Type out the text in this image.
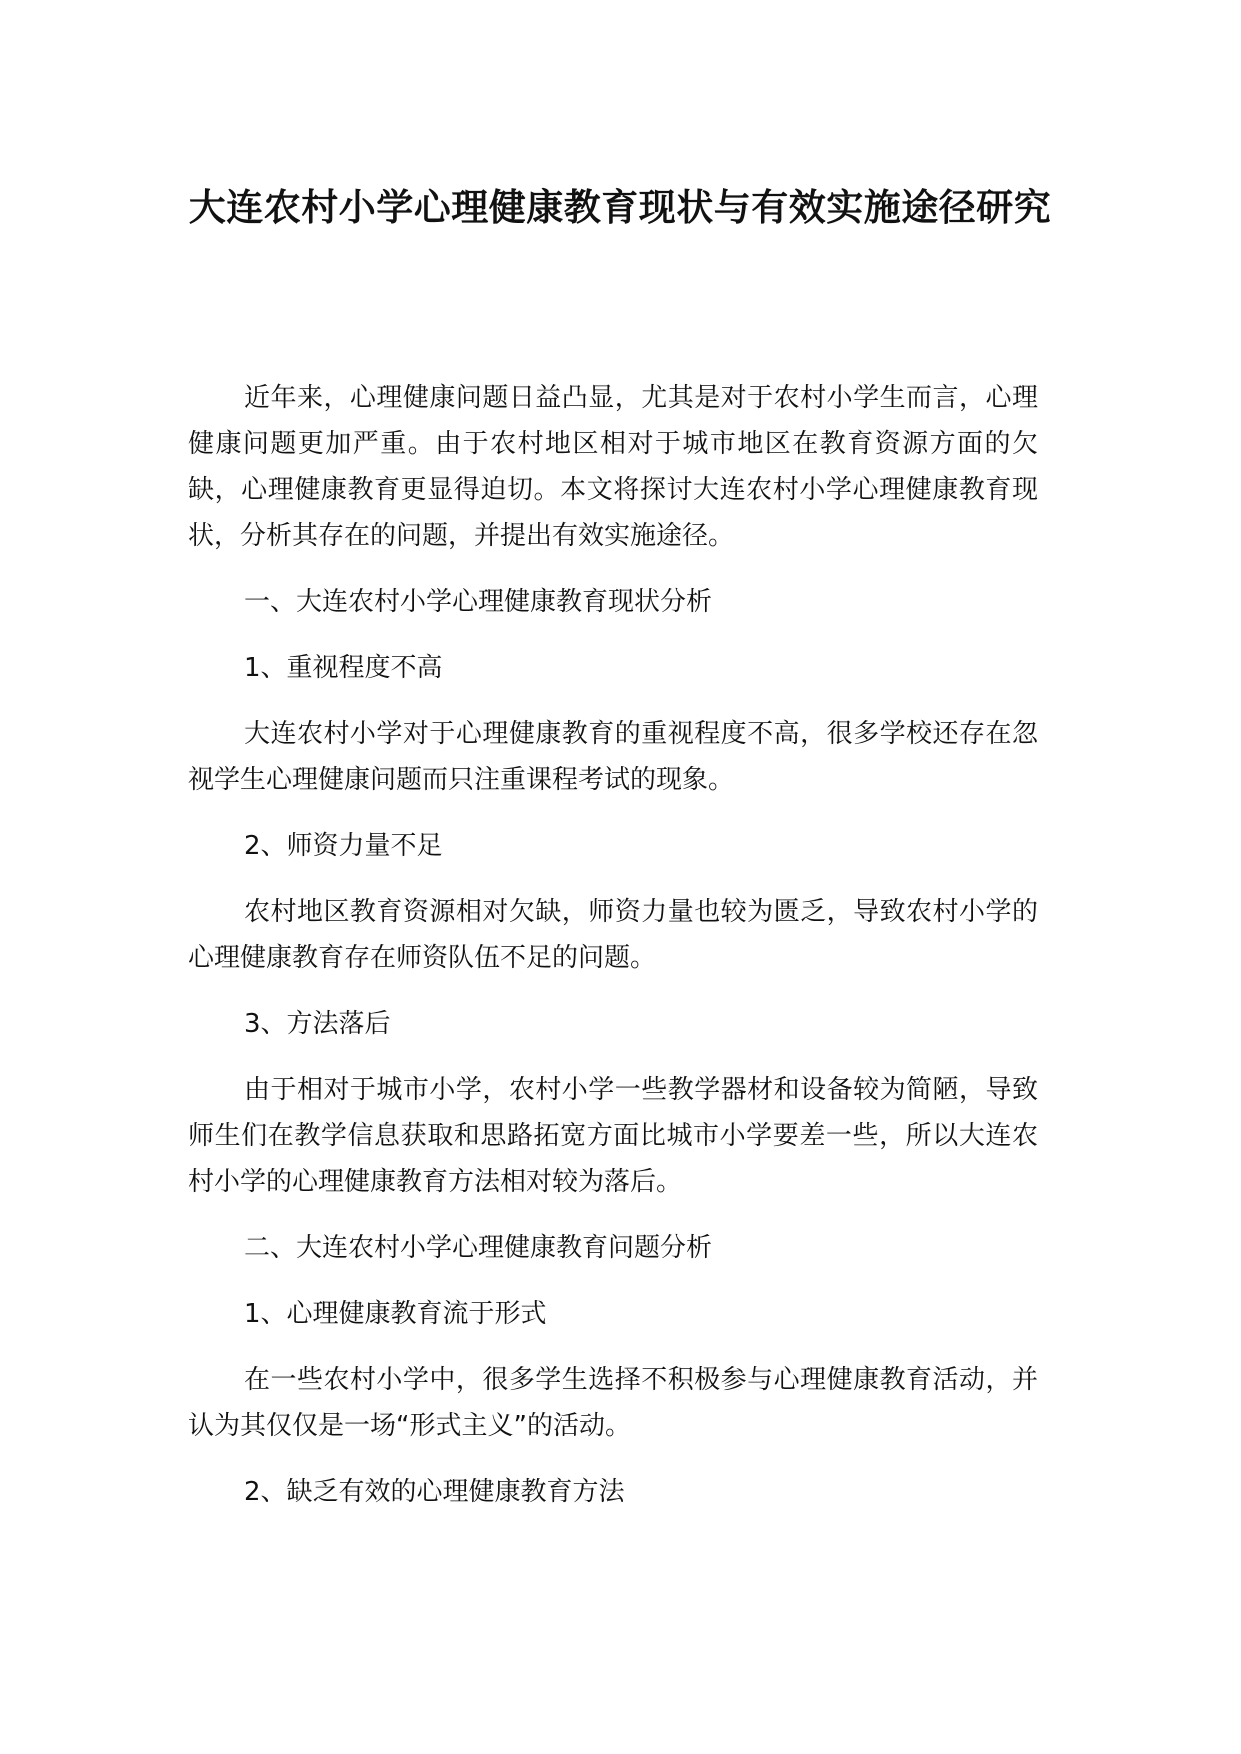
大连农村小学心理健康教育现状与有效实施途径研究

近年来，心理健康问题日益凸显，尤其是对于农村小学生而言，心理健康问题更加严重。由于农村地区相对于城市地区在教育资源方面的欠缺，心理健康教育更显得迫切。本文将探讨大连农村小学心理健康教育现状，分析其存在的问题，并提出有效实施途径。

一、大连农村小学心理健康教育现状分析

1、重视程度不高

大连农村小学对于心理健康教育的重视程度不高，很多学校还存在忽视学生心理健康问题而只注重课程考试的现象。

2、师资力量不足

农村地区教育资源相对欠缺，师资力量也较为匮乏，导致农村小学的心理健康教育存在师资队伍不足的问题。

3、方法落后

由于相对于城市小学，农村小学一些教学器材和设备较为简陋，导致师生们在教学信息获取和思路拓宽方面比城市小学要差一些，所以大连农村小学的心理健康教育方法相对较为落后。

二、大连农村小学心理健康教育问题分析

1、心理健康教育流于形式

在一些农村小学中，很多学生选择不积极参与心理健康教育活动，并认为其仅仅是一场“形式主义”的活动。

2、缺乏有效的心理健康教育方法
